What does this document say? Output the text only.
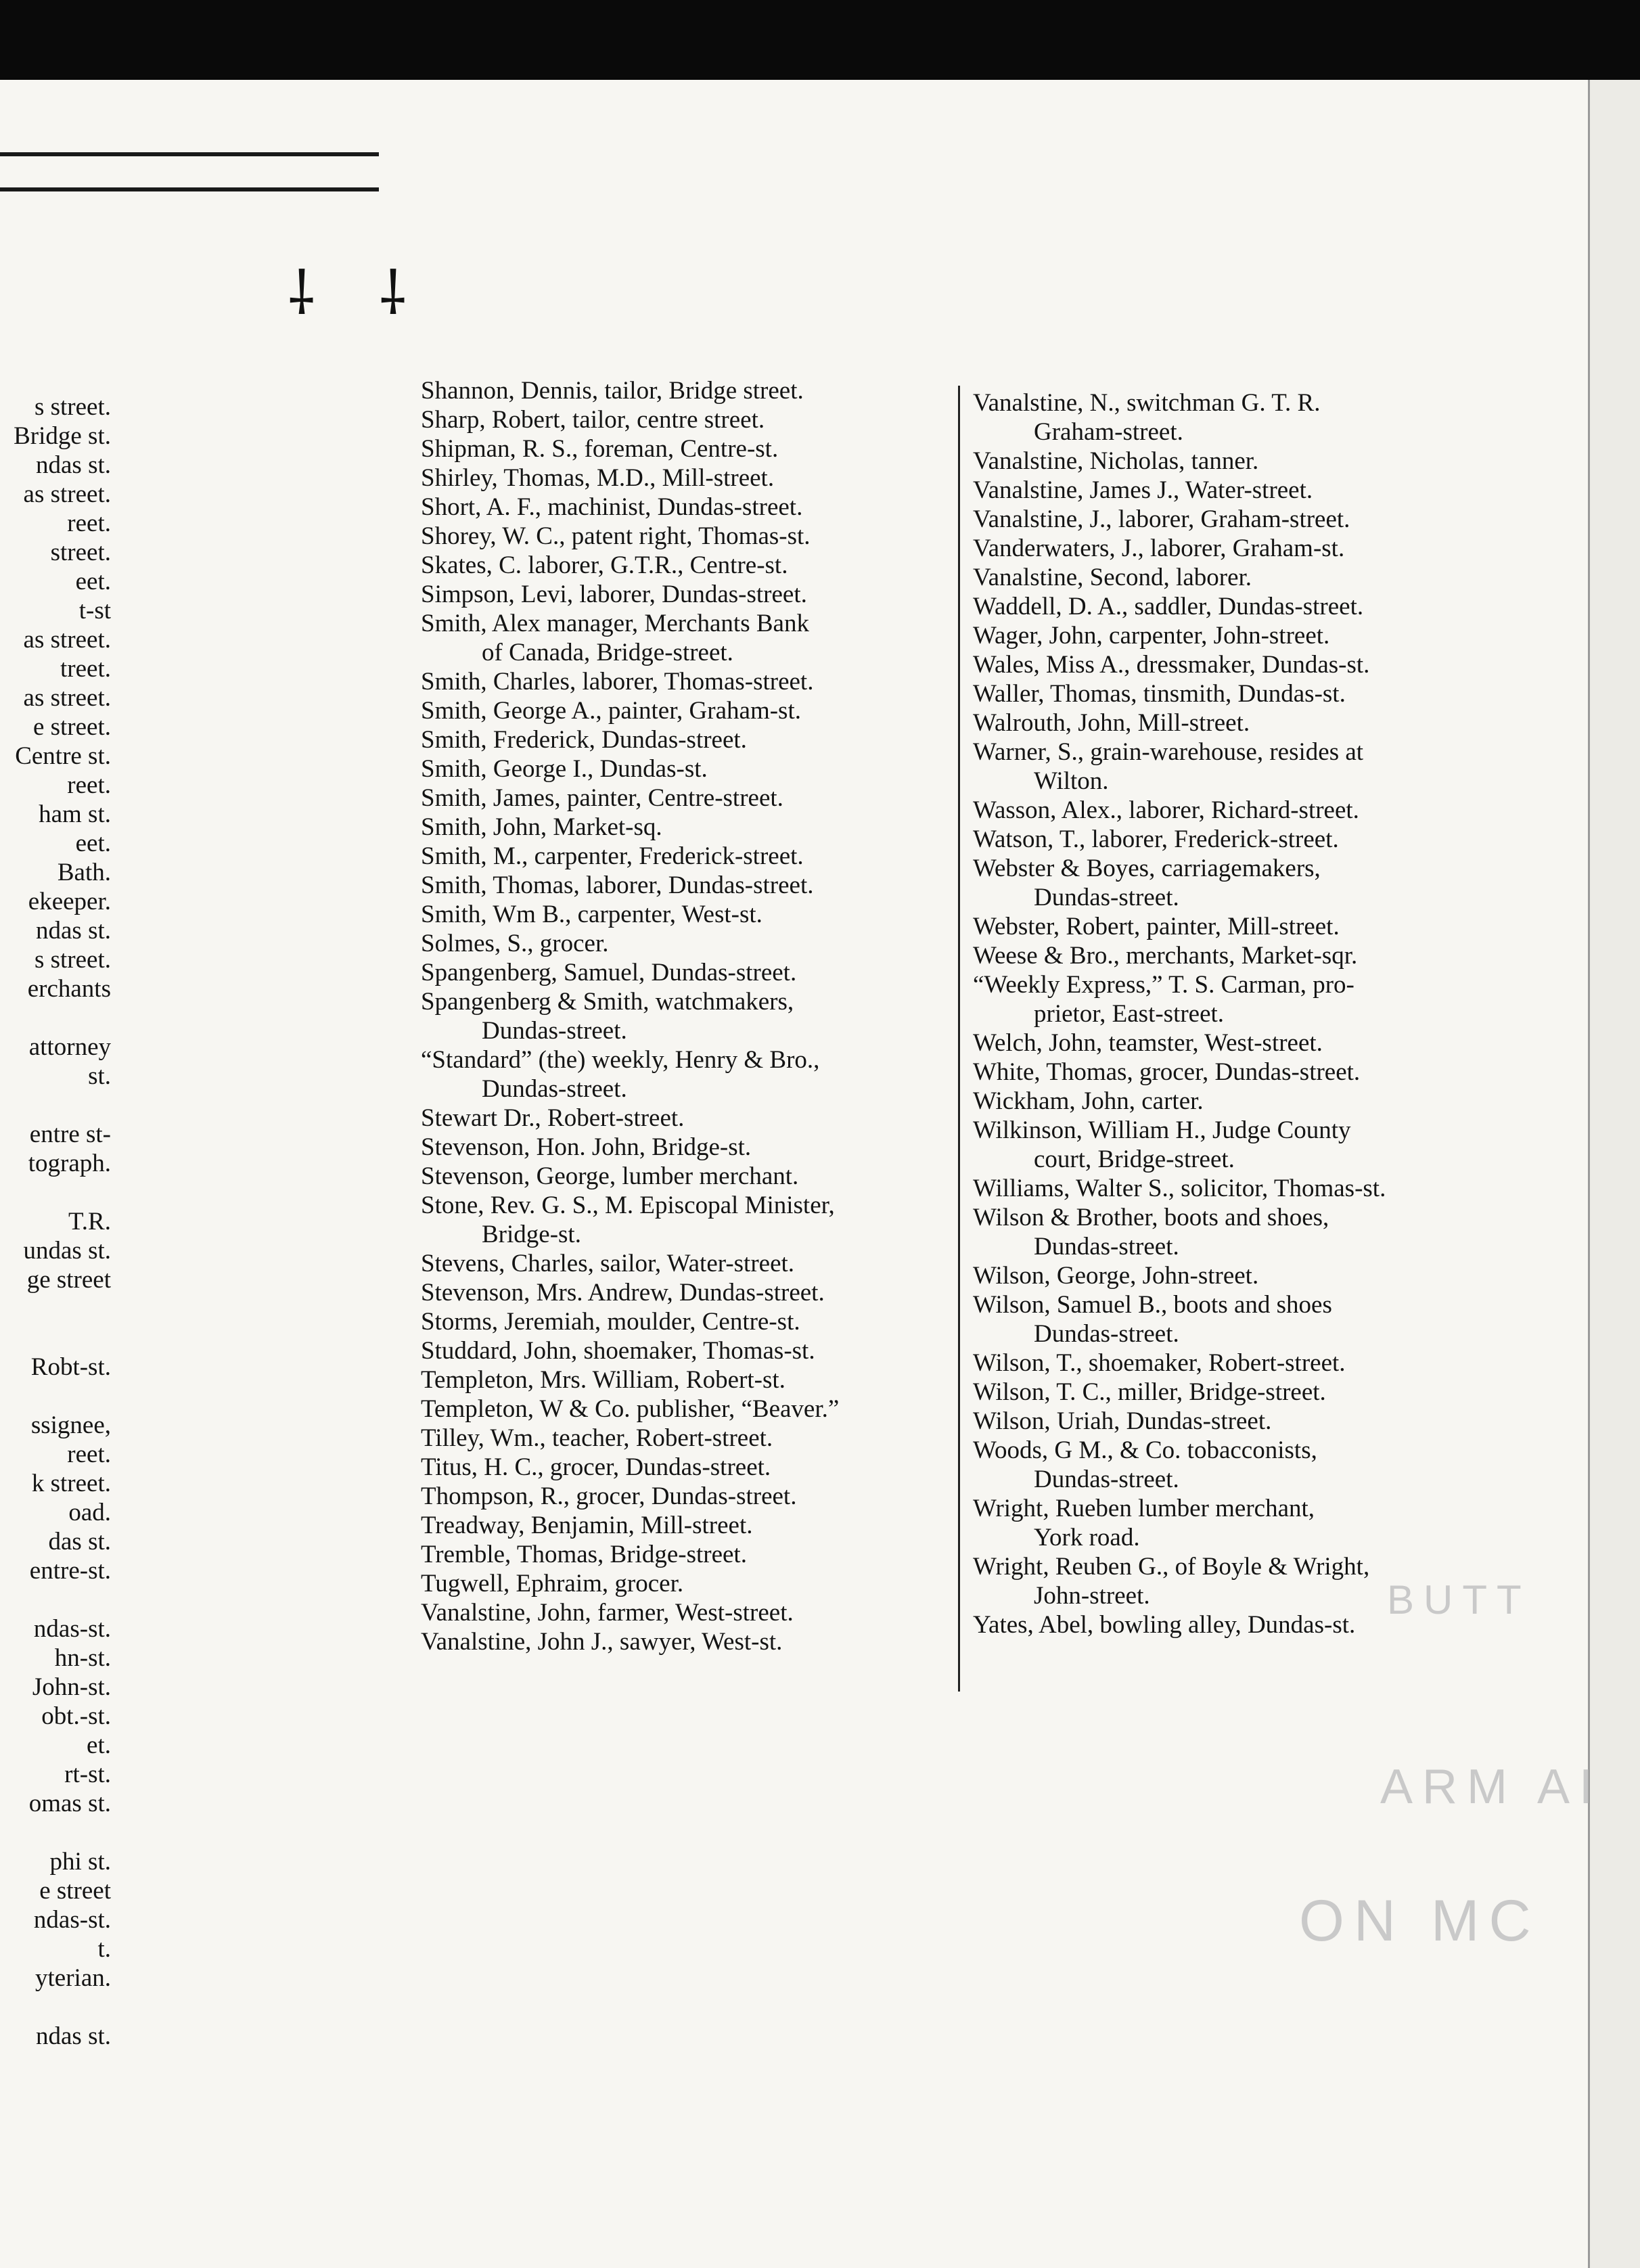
⸸ ⸸
ARM AI
ON MC
BUTT
s street.
Bridge st.
ndas st.
as street.
reet.
street.
eet.
t-st
as street.
treet.
as street.
e street.
Centre st.
reet.
ham st.
eet.
Bath.
ekeeper.
ndas st.
s street.
erchants

attorney
st.

entre st-
tograph.

T.R.
undas st.
ge street

Robt-st.

ssignee,
reet.
k street.
oad.
das st.
entre-st.

ndas-st.
hn-st.
John-st.
obt.-st.
et.
rt-st.
omas st.

phi st.
e street
ndas-st.
t.
yterian.

ndas st.
Shannon, Dennis, tailor, Bridge street.
Sharp, Robert, tailor, centre street.
Shipman, R. S., foreman, Centre-st.
Shirley, Thomas, M.D., Mill-street.
Short, A. F., machinist, Dundas-street.
Shorey, W. C., patent right, Thomas-st.
Skates, C. laborer, G.T.R., Centre-st.
Simpson, Levi, laborer, Dundas-street.
Smith, Alex manager, Merchants Bank
of Canada, Bridge-street.
Smith, Charles, laborer, Thomas-street.
Smith, George A., painter, Graham-st.
Smith, Frederick, Dundas-street.
Smith, George I., Dundas-st.
Smith, James, painter, Centre-street.
Smith, John, Market-sq.
Smith, M., carpenter, Frederick-street.
Smith, Thomas, laborer, Dundas-street.
Smith, Wm B., carpenter, West-st.
Solmes, S., grocer.
Spangenberg, Samuel, Dundas-street.
Spangenberg & Smith, watchmakers,
Dundas-street.
“Standard” (the) weekly, Henry & Bro.,
Dundas-street.
Stewart Dr., Robert-street.
Stevenson, Hon. John, Bridge-st.
Stevenson, George, lumber merchant.
Stone, Rev. G. S., M. Episcopal Minister,
Bridge-st.
Stevens, Charles, sailor, Water-street.
Stevenson, Mrs. Andrew, Dundas-street.
Storms, Jeremiah, moulder, Centre-st.
Studdard, John, shoemaker, Thomas-st.
Templeton, Mrs. William, Robert-st.
Templeton, W & Co. publisher, “Beaver.”
Tilley, Wm., teacher, Robert-street.
Titus, H. C., grocer, Dundas-street.
Thompson, R., grocer, Dundas-street.
Treadway, Benjamin, Mill-street.
Tremble, Thomas, Bridge-street.
Tugwell, Ephraim, grocer.
Vanalstine, John, farmer, West-street.
Vanalstine, John J., sawyer, West-st.
Vanalstine, N., switchman G. T. R.
Graham-street.
Vanalstine, Nicholas, tanner.
Vanalstine, James J., Water-street.
Vanalstine, J., laborer, Graham-street.
Vanderwaters, J., laborer, Graham-st.
Vanalstine, Second, laborer.
Waddell, D. A., saddler, Dundas-street.
Wager, John, carpenter, John-street.
Wales, Miss A., dressmaker, Dundas-st.
Waller, Thomas, tinsmith, Dundas-st.
Walrouth, John, Mill-street.
Warner, S., grain-warehouse, resides at
Wilton.
Wasson, Alex., laborer, Richard-street.
Watson, T., laborer, Frederick-street.
Webster & Boyes, carriagemakers,
Dundas-street.
Webster, Robert, painter, Mill-street.
Weese & Bro., merchants, Market-sqr.
“Weekly Express,” T. S. Carman, pro-
prietor, East-street.
Welch, John, teamster, West-street.
White, Thomas, grocer, Dundas-street.
Wickham, John, carter.
Wilkinson, William H., Judge County
court, Bridge-street.
Williams, Walter S., solicitor, Thomas-st.
Wilson & Brother, boots and shoes,
Dundas-street.
Wilson, George, John-street.
Wilson, Samuel B., boots and shoes
Dundas-street.
Wilson, T., shoemaker, Robert-street.
Wilson, T. C., miller, Bridge-street.
Wilson, Uriah, Dundas-street.
Woods, G M., & Co. tobacconists,
Dundas-street.
Wright, Rueben lumber merchant,
York road.
Wright, Reuben G., of Boyle & Wright,
John-street.
Yates, Abel, bowling alley, Dundas-st.
